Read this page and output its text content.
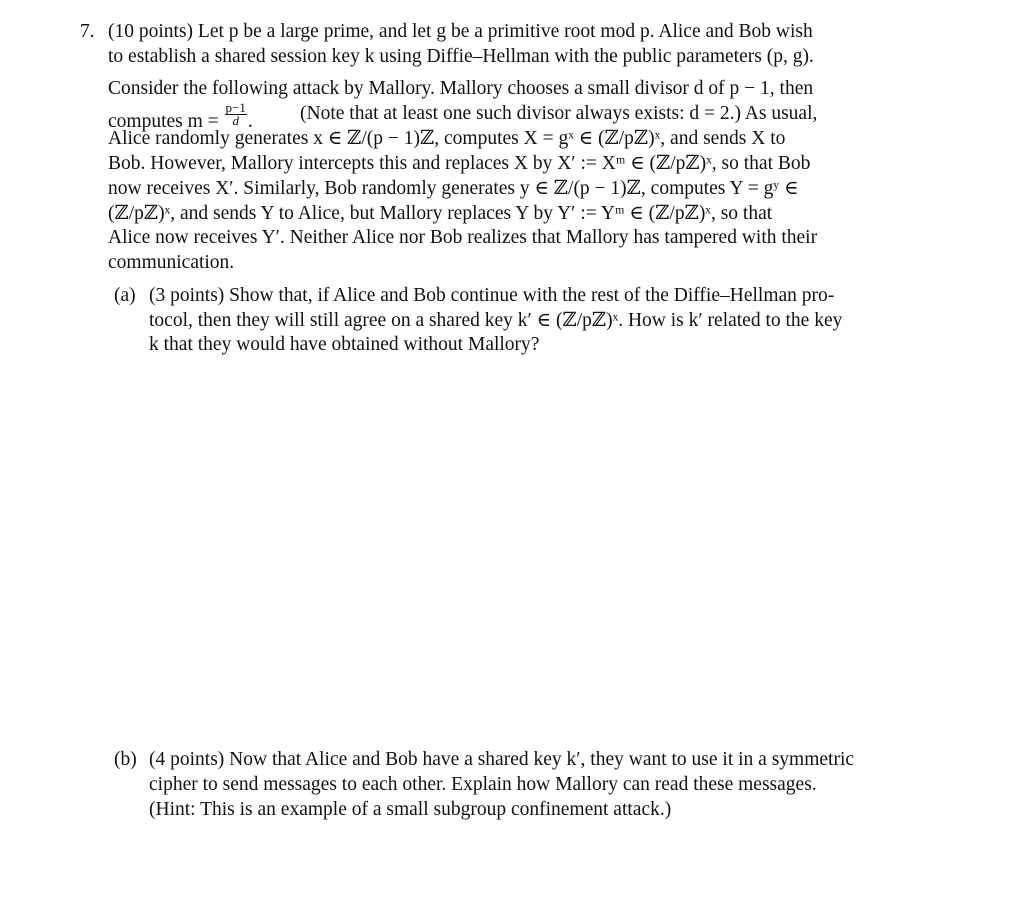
7. (10 points) Let p be a large prime, and let g be a primitive root mod p. Alice and Bob wish
to establish a shared session key k using Diffie–Hellman with the public parameters (p, g).
Consider the following attack by Mallory. Mallory chooses a small divisor d of p − 1, then
computes $m = \frac{p-1}{d}$ . (Note that at least one such divisor always exists: d = 2.) As usual,
Alice randomly generates x ∈ ℤ/(p − 1)ℤ, computes X = gˣ ∈ (ℤ/pℤ)ˣ, and sends X to
Bob. However, Mallory intercepts this and replaces X by X′ := Xᵐ ∈ (ℤ/pℤ)ˣ, so that Bob
now receives X′. Similarly, Bob randomly generates y ∈ ℤ/(p − 1)ℤ, computes Y = gʸ ∈
(ℤ/pℤ)ˣ, and sends Y to Alice, but Mallory replaces Y by Y′ := Yᵐ ∈ (ℤ/pℤ)ˣ, so that
Alice now receives Y′. Neither Alice nor Bob realizes that Mallory has tampered with their
communication.
(a) (3 points) Show that, if Alice and Bob continue with the rest of the Diffie–Hellman pro-
tocol, then they will still agree on a shared key k′ ∈ (ℤ/pℤ)ˣ. How is k′ related to the key
k that they would have obtained without Mallory?
(b) (4 points) Now that Alice and Bob have a shared key k′, they want to use it in a symmetric
cipher to send messages to each other. Explain how Mallory can read these messages.
(Hint: This is an example of a small subgroup confinement attack.)
